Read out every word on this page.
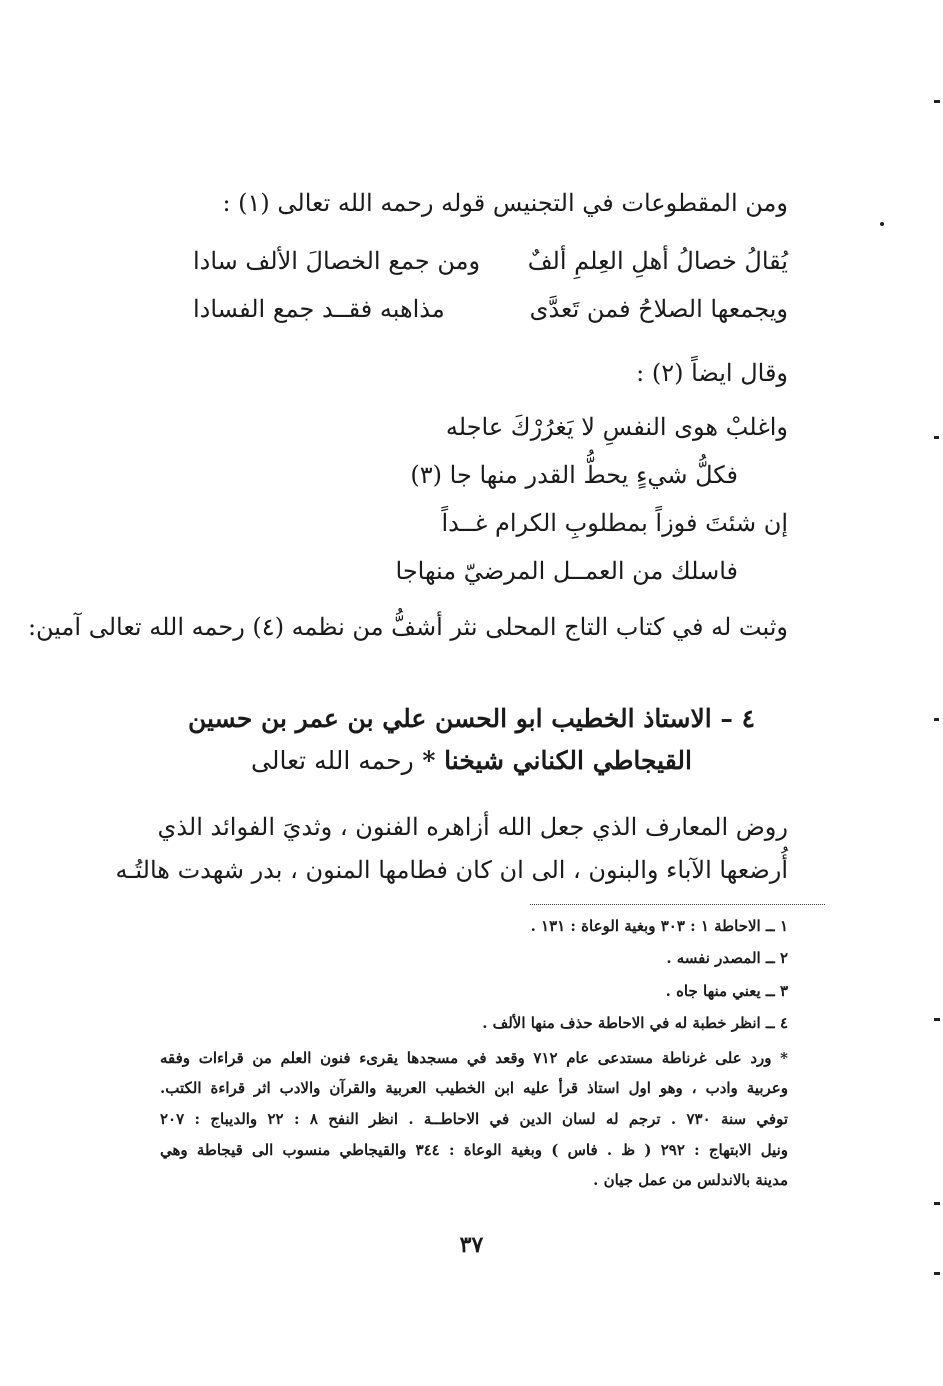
ومن المقطوعات في التجنيس قوله رحمه الله تعالى (١) :
يُقالُ خصالُ أهلِ العِلمِ ألفٌ
ومن جمع الخصالَ الألف سادا
ويجمعها الصلاحُ فمن تَعدَّى
مذاهبه فقــد جمع الفسادا
وقال ايضاً (٢) :
واغلبْ هوى النفسِ لا يَغرُرْكَ عاجله
فكلُّ شيءٍ يحطُّ القدر منها جا (٣)
إن شئتَ فوزاً بمطلوبِ الكرام غــداً
فاسلك من العمــل المرضيّ منهاجا
وثبت له في كتاب التاج المحلى نثر أشفُّ من نظمه (٤) رحمه الله تعالى آمين:
٤ – الاستاذ الخطيب ابو الحسن علي بن عمر بن حسين
القيجاطي الكناني شيخنا * رحمه الله تعالى
روض المعارف الذي جعل الله أزاهره الفنون ، وثديَ الفوائد الذي
أُرضعها الآباء والبنون ، الى ان كان فطامها المنون ، بدر شهدت هالتُـه
١ ــ الاحاطة ١ : ٣٠٣ وبغية الوعاة : ١٣١ .
٢ ــ المصدر نفسه .
٣ ــ يعني منها جاه .
٤ ــ انظر خطبة له في الاحاطة حذف منها الألف .
* ورد على غرناطة مستدعى عام ٧١٢ وقعد في مسجدها يقرىء فنون العلم من قراءات وفقه
وعربية وادب ، وهو اول استاذ قرأ عليه ابن الخطيب العربية والقرآن والادب اثر قراءة الكتب.
توفي سنة ٧٣٠ . ترجم له لسان الدين في الاحاطــة . انظر النفح ٨ : ٢٢ والديباج : ٢٠٧
ونيل الابتهاج : ٢٩٢ ( ظ . فاس ) وبغية الوعاة : ٣٤٤ والقيجاطي منسوب الى قيجاطة وهي
مدينة بالاندلس من عمل جيان .
٣٧
